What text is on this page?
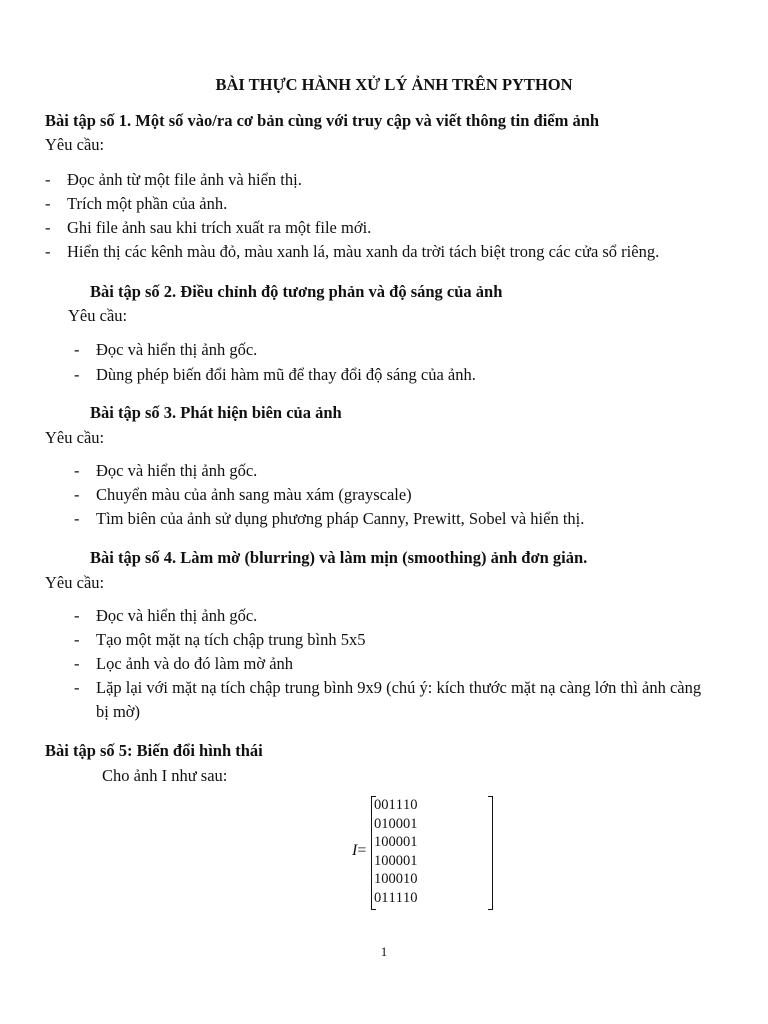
BÀI THỰC HÀNH XỬ LÝ ẢNH TRÊN PYTHON
Bài tập số 1. Một số vào/ra cơ bản cùng với truy cập và viết thông tin điểm ảnh
Yêu cầu:
-	Đọc ảnh từ một file ảnh và hiển thị.
-	Trích một phần của ảnh.
-	Ghi file ảnh sau khi trích xuất ra một file mới.
-	Hiển thị các kênh màu đỏ, màu xanh lá, màu xanh da trời tách biệt trong các cửa sổ riêng.
Bài tập số 2. Điều chỉnh độ tương phản và độ sáng của ảnh
Yêu cầu:
-	Đọc và hiển thị ảnh gốc.
-	Dùng phép biến đổi hàm mũ để thay đổi độ sáng của ảnh.
Bài tập số 3. Phát hiện biên của ảnh
Yêu cầu:
-	Đọc và hiển thị ảnh gốc.
-	Chuyển màu của ảnh sang màu xám (grayscale)
-	Tìm biên của ảnh sử dụng phương pháp Canny, Prewitt, Sobel và hiển thị.
Bài tập số 4. Làm mờ (blurring) và làm mịn (smoothing) ảnh đơn giản.
Yêu cầu:
-	Đọc và hiển thị ảnh gốc.
-	Tạo một mặt nạ tích chập trung bình 5x5
-	Lọc ảnh và do đó làm mờ ảnh
-	Lặp lại với mặt nạ tích chập trung bình 9x9 (chú ý: kích thước mặt nạ càng lớn thì ảnh càng
bị mờ)
Bài tập số 5: Biến đổi hình thái
Cho ảnh I như sau:
I=
0	0	1	1	1	0
0	1	0	0	0	1
1	0	0	0	0	1
1	0	0	0	0	1
1	0	0	0	1	0
0	1	1	1	1	0
1
